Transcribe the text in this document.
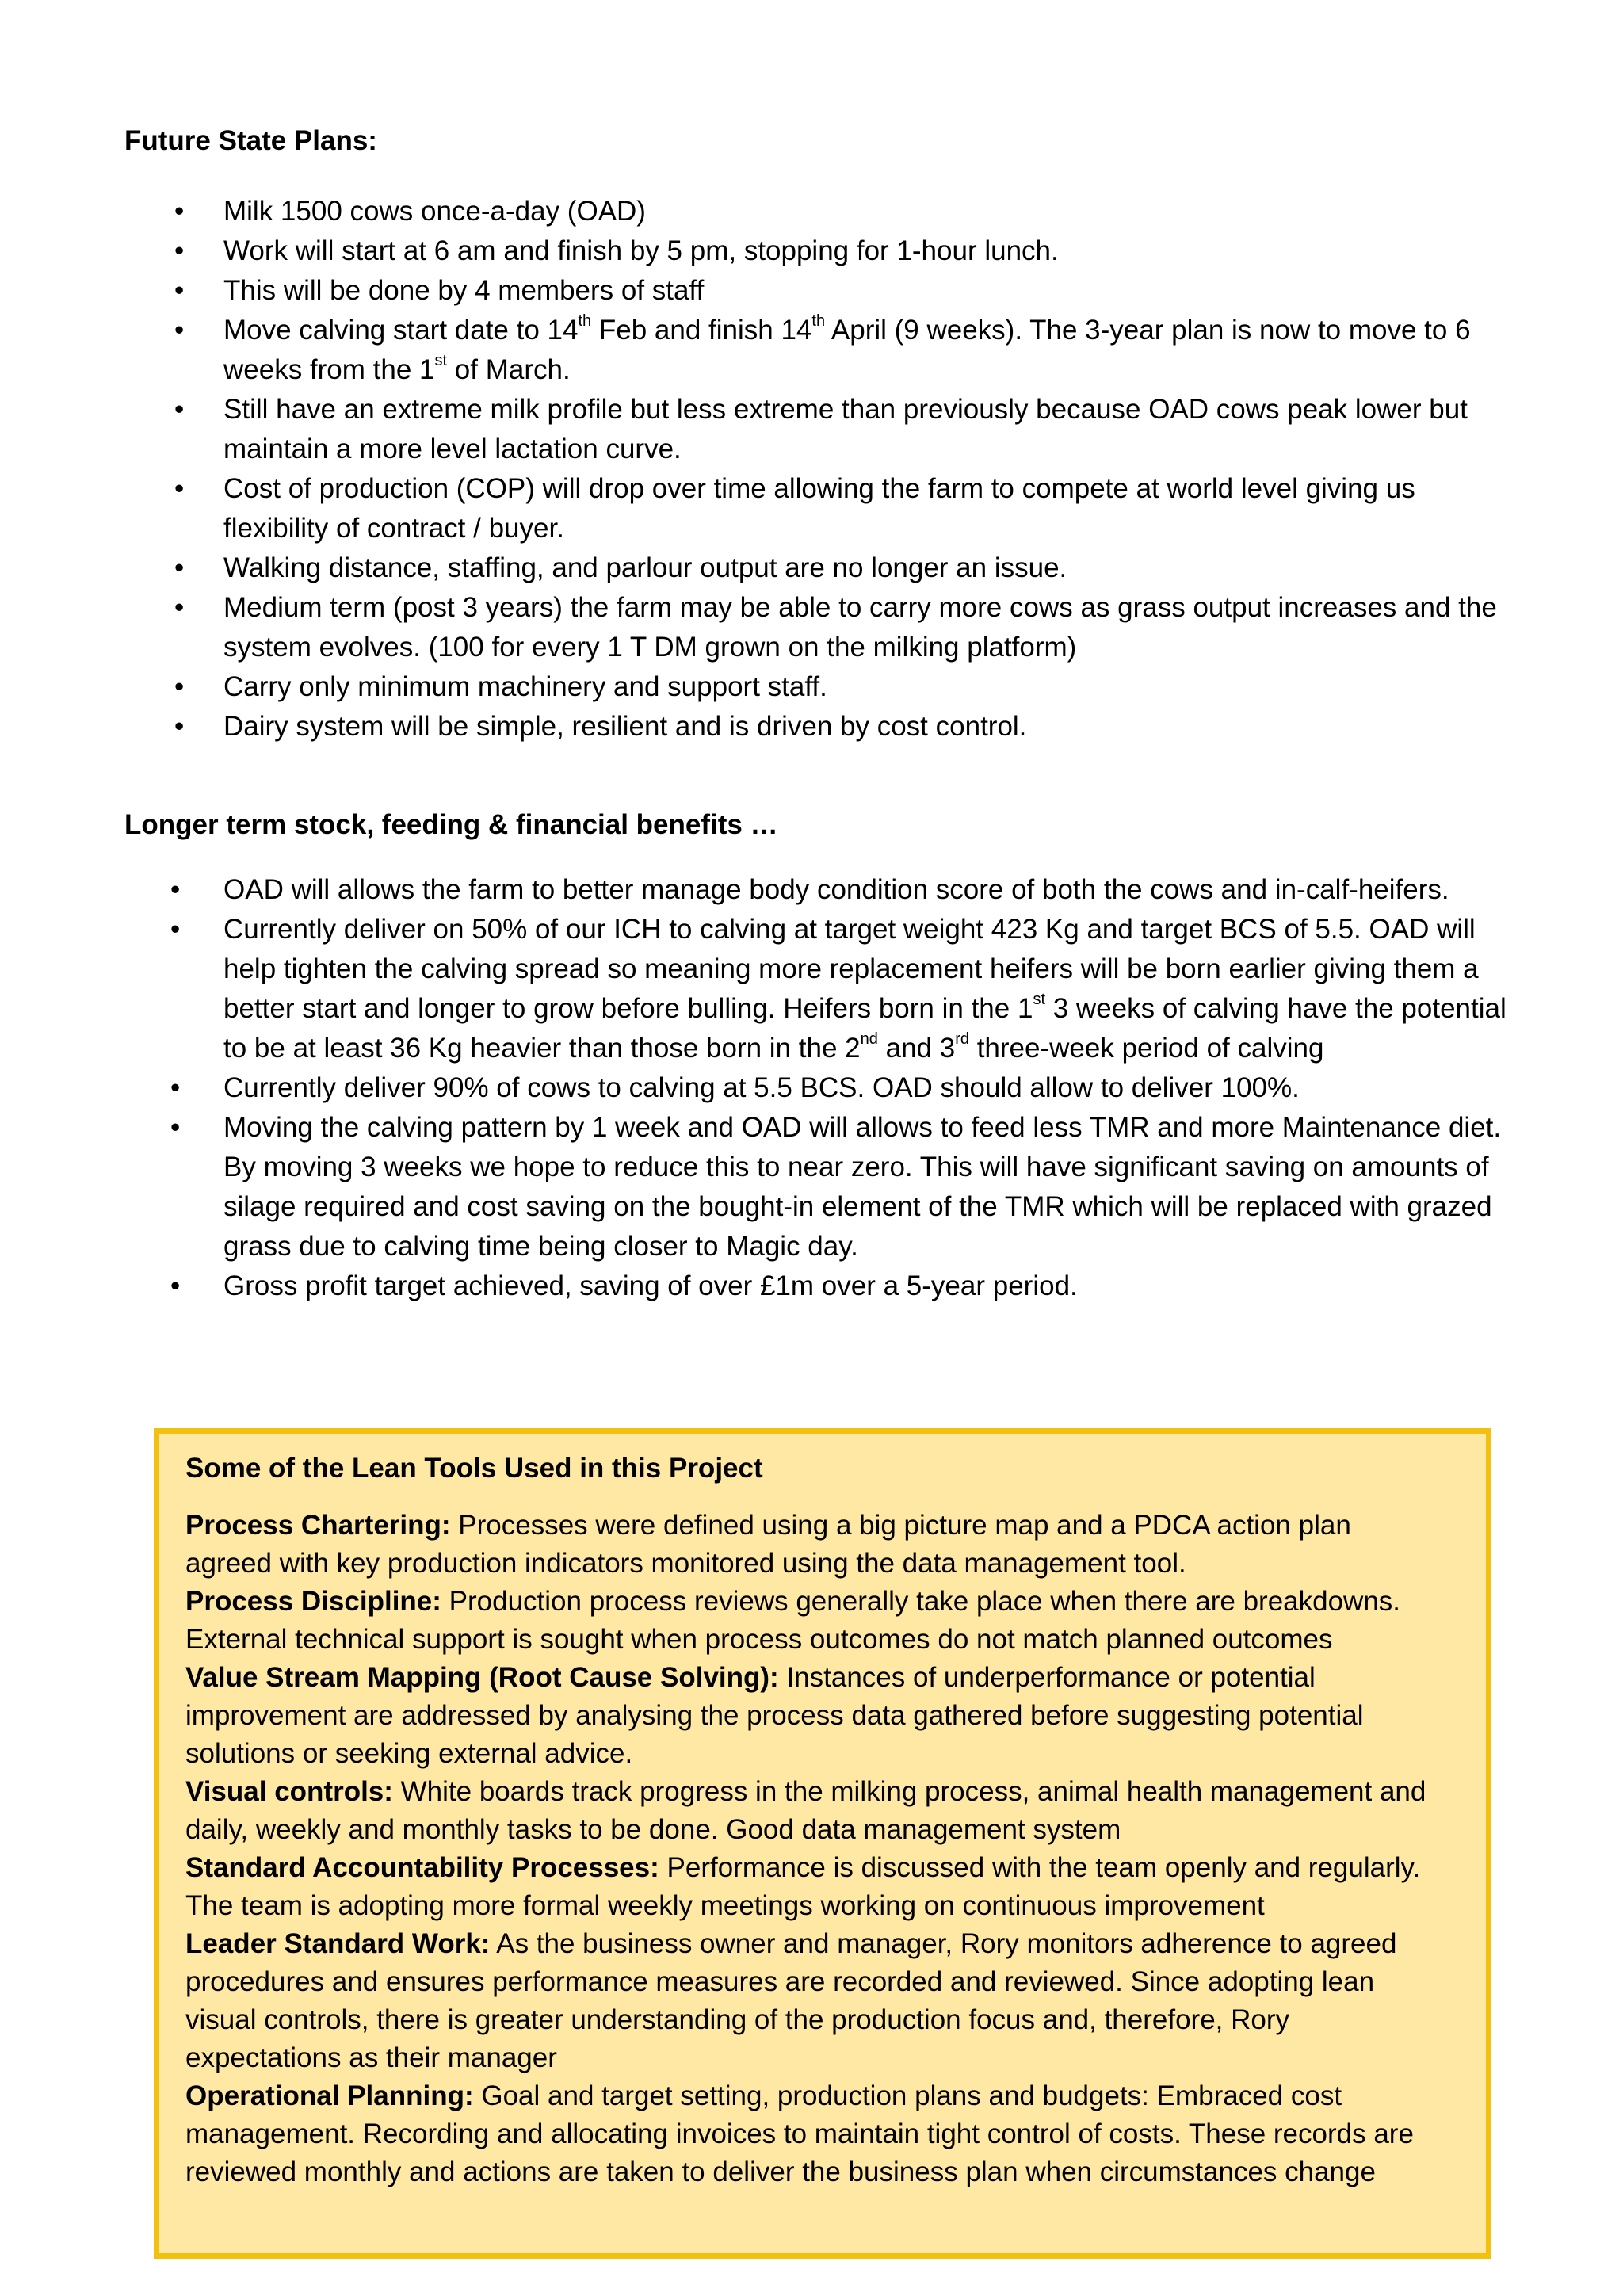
Future State Plans:
• Milk 1500 cows once-a-day (OAD)
• Work will start at 6 am and finish by 5 pm, stopping for 1-hour lunch.
• This will be done by 4 members of staff
• Move calving start date to 14th Feb and finish 14th April (9 weeks). The 3-year plan is now to move to 6 weeks from the 1st of March.
• Still have an extreme milk profile but less extreme than previously because OAD cows peak lower but maintain a more level lactation curve.
• Cost of production (COP) will drop over time allowing the farm to compete at world level giving us flexibility of contract / buyer.
• Walking distance, staffing, and parlour output are no longer an issue.
• Medium term (post 3 years) the farm may be able to carry more cows as grass output increases and the system evolves. (100 for every 1 T DM grown on the milking platform)
• Carry only minimum machinery and support staff.
• Dairy system will be simple, resilient and is driven by cost control.
Longer term stock, feeding & financial benefits …
• OAD will allows the farm to better manage body condition score of both the cows and in-calf-heifers.
• Currently deliver on 50% of our ICH to calving at target weight 423 Kg and target BCS of 5.5. OAD will help tighten the calving spread so meaning more replacement heifers will be born earlier giving them a better start and longer to grow before bulling. Heifers born in the 1st 3 weeks of calving have the potential to be at least 36 Kg heavier than those born in the 2nd and 3rd three-week period of calving
• Currently deliver 90% of cows to calving at 5.5 BCS. OAD should allow to deliver 100%.
• Moving the calving pattern by 1 week and OAD will allows to feed less TMR and more Maintenance diet. By moving 3 weeks we hope to reduce this to near zero. This will have significant saving on amounts of silage required and cost saving on the bought-in element of the TMR which will be replaced with grazed grass due to calving time being closer to Magic day.
• Gross profit target achieved, saving of over £1m over a 5-year period.

Some of the Lean Tools Used in this Project

Process Chartering: Processes were defined using a big picture map and a PDCA action plan agreed with key production indicators monitored using the data management tool.

Process Discipline: Production process reviews generally take place when there are breakdowns. External technical support is sought when process outcomes do not match planned outcomes

Value Stream Mapping (Root Cause Solving): Instances of underperformance or potential improvement are addressed by analysing the process data gathered before suggesting potential solutions or seeking external advice.

Visual controls: White boards track progress in the milking process, animal health management and daily, weekly and monthly tasks to be done. Good data management system

Standard Accountability Processes: Performance is discussed with the team openly and regularly. The team is adopting more formal weekly meetings working on continuous improvement

Leader Standard Work: As the business owner and manager, Rory monitors adherence to agreed procedures and ensures performance measures are recorded and reviewed. Since adopting lean visual controls, there is greater understanding of the production focus and, therefore, Rory expectations as their manager

Operational Planning: Goal and target setting, production plans and budgets: Embraced cost management. Recording and allocating invoices to maintain tight control of costs. These records are reviewed monthly and actions are taken to deliver the business plan when circumstances change
